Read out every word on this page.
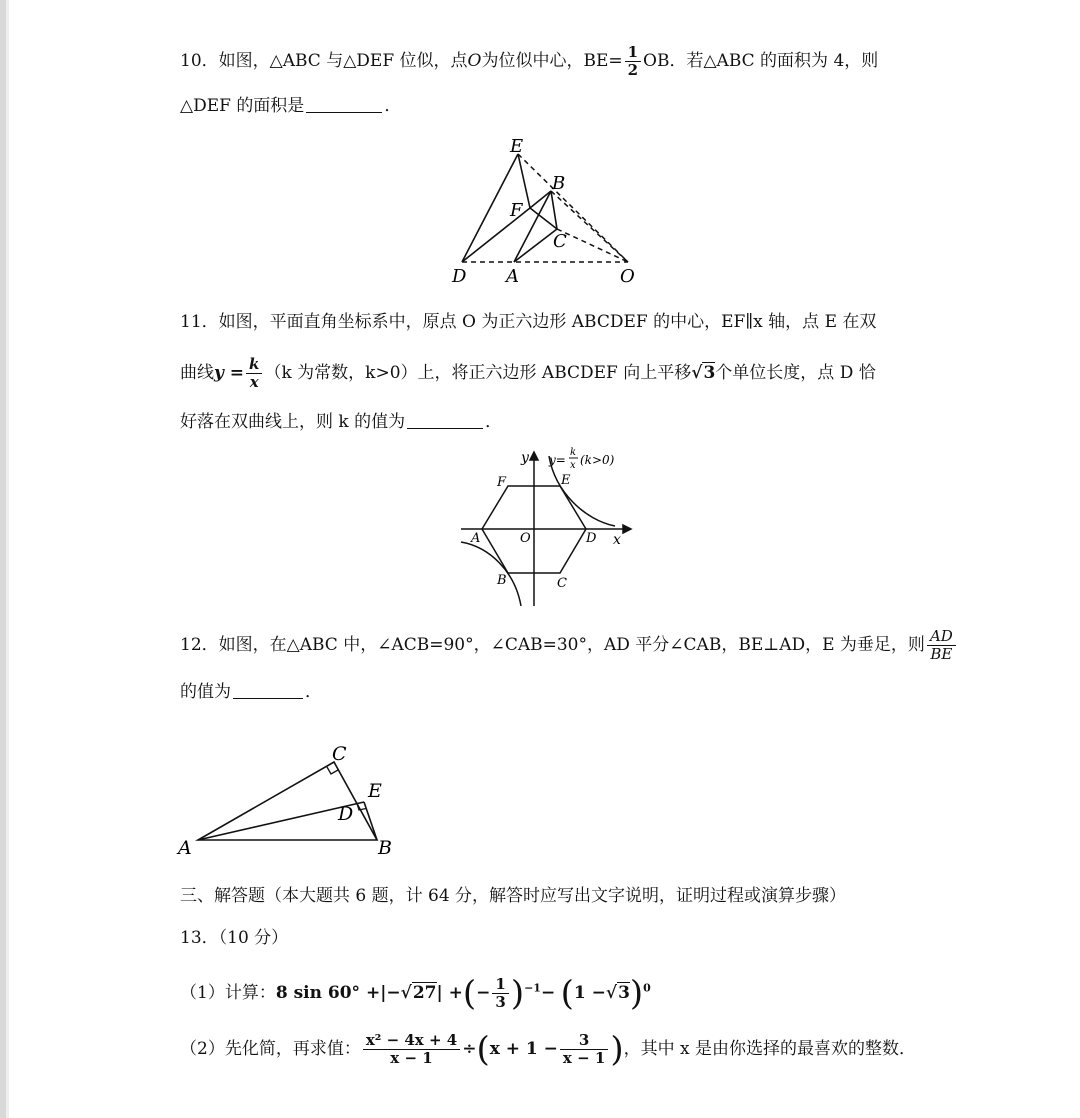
10．如图，△ABC 与△DEF 位似，点O为位似中心，$BE= \frac{1}{2}$ OB．若△ABC 的面积为 4，则
△DEF 的面积是	．
E
B
F
C
D A	O
11．如图，平面直角坐标系中，原点 O 为正六边形 ABCDEF 的中心，EF∥x 轴，点 E 在双
曲线$y = \frac{k}{x} (k$ 为常数，k>0）上，将正六边形 ABCDEF 向上平移√3个单位长度，点 D 恰
好落在双曲线上，则 k 的值为	．
y
x
y=
k
x (k>0)
F	E
A	O	D
B	C
12．如图，在△ABC 中，∠ACB=90°，∠CAB=30°，AD 平分∠CAB，BE⊥AD，E 为垂足，则 $\frac{AD}{BE}$
的值为	．
C
E
D
A	B
三、解答题（本大题共 6 题，计 64 分，解答时应写出文字说明，证明过程或演算步骤）
13．（10 分）
（1）计算：8 sin 60° +|−√27| +(− $\frac{1}{3} )^{-1}- (1 -√3)^0$
（2）先化简，再求值： $\frac{\text{x² − 4x + 4}}{x - 1} \div(x + 1 - \frac{3}{x - 1}$ )，其中 x 是由你选择的最喜欢的整数．
